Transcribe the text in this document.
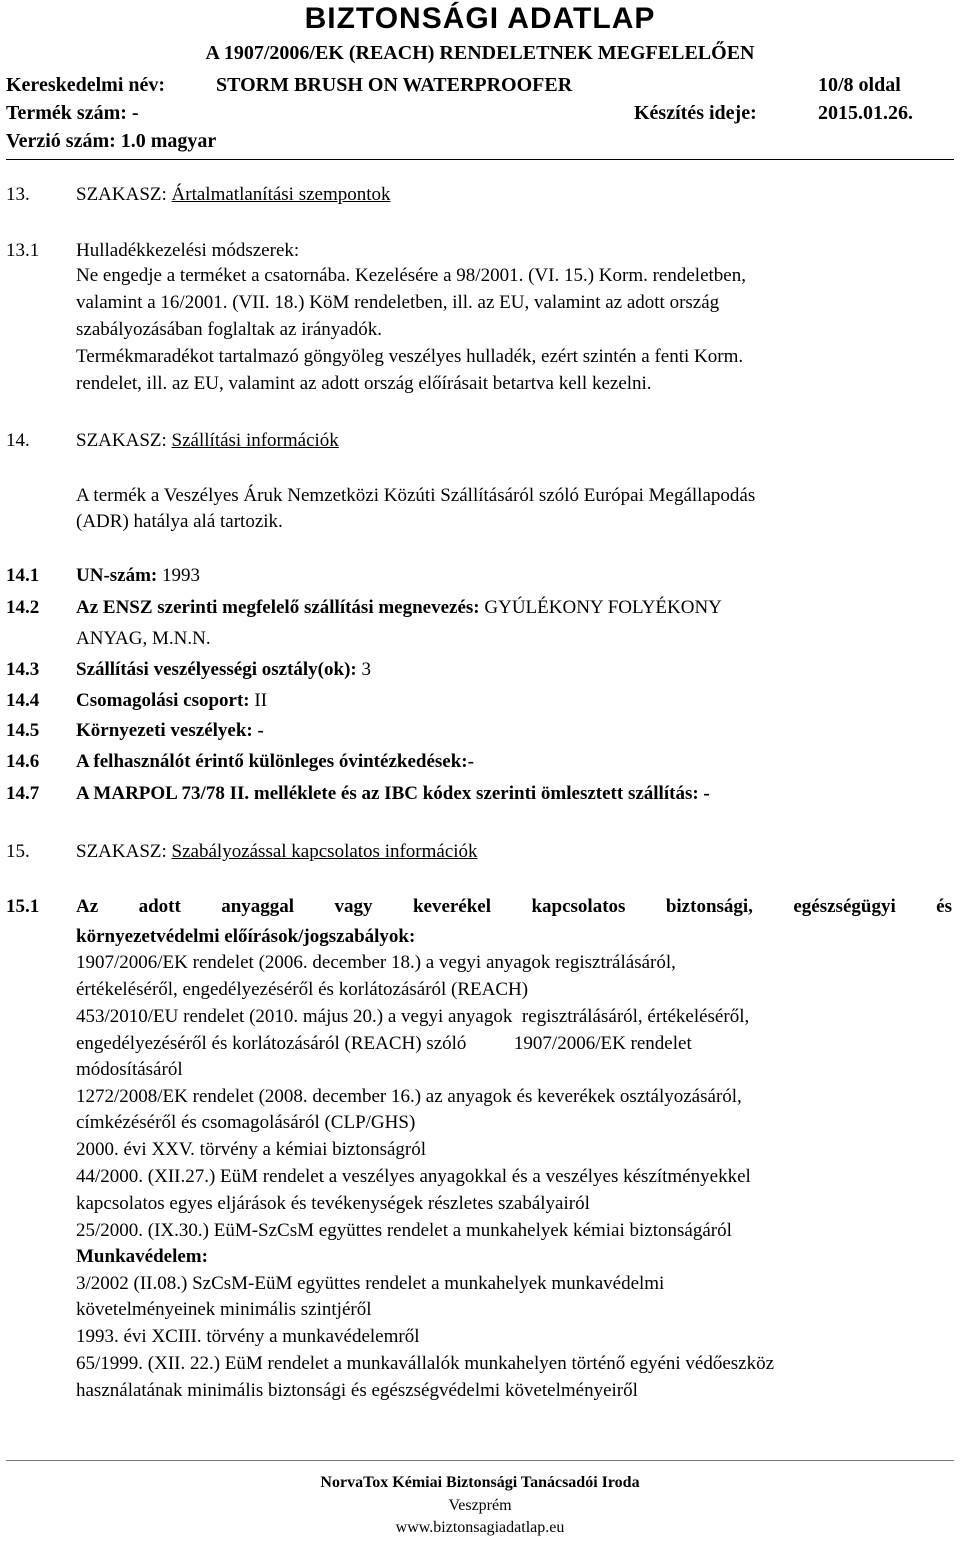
BIZTONSÁGI ADATLAP
A 1907/2006/EK (REACH) RENDELETNEK MEGFELELŐEN
Kereskedelmi név:	STORM BRUSH ON WATERPROOFER	10/8 oldal
Termék szám: -	Készítés ideje:	2015.01.26.
Verzió szám: 1.0 magyar
13. SZAKASZ: Ártalmatlanítási szempontok
13.1 Hulladékkezelési módszerek:
Ne engedje a terméket a csatornába. Kezelésére a 98/2001. (VI. 15.) Korm. rendeletben,
valamint a 16/2001. (VII. 18.) KöM rendeletben, ill. az EU, valamint az adott ország
szabályozásában foglaltak az irányadók.
Termékmaradékot tartalmazó göngyöleg veszélyes hulladék, ezért szintén a fenti Korm.
rendelet, ill. az EU, valamint az adott ország előírásait betartva kell kezelni.
14. SZAKASZ: Szállítási információk
A termék a Veszélyes Áruk Nemzetközi Közúti Szállításáról szóló Európai Megállapodás
(ADR) hatálya alá tartozik.
14.1 UN-szám: 1993
14.2 Az ENSZ szerinti megfelelő szállítási megnevezés: GYÚLÉKONY FOLYÉKONY
ANYAG, M.N.N.
14.3 Szállítási veszélyességi osztály(ok): 3
14.4 Csomagolási csoport: II
14.5 Környezeti veszélyek: -
14.6 A felhasználót érintő különleges óvintézkedések:-
14.7 A MARPOL 73/78 II. melléklete és az IBC kódex szerinti ömlesztett szállítás: -
15. SZAKASZ: Szabályozással kapcsolatos információk
15.1 Az adott anyaggal vagy keverékel kapcsolatos biztonsági, egészségügyi és
környezetvédelmi előírások/jogszabályok:
1907/2006/EK rendelet (2006. december 18.) a vegyi anyagok regisztrálásáról,
értékeléséről, engedélyezéséről és korlátozásáról (REACH)
453/2010/EU rendelet (2010. május 20.) a vegyi anyagok  regisztrálásáról, értékeléséről,
engedélyezéséről és korlátozásáról (REACH) szóló          1907/2006/EK rendelet
módosításáról
1272/2008/EK rendelet (2008. december 16.) az anyagok és keverékek osztályozásáról,
címkézéséről és csomagolásáról (CLP/GHS)
2000. évi XXV. törvény a kémiai biztonságról
44/2000. (XII.27.) EüM rendelet a veszélyes anyagokkal és a veszélyes készítményekkel
kapcsolatos egyes eljárások és tevékenységek részletes szabályairól
25/2000. (IX.30.) EüM-SzCsM együttes rendelet a munkahelyek kémiai biztonságáról
Munkavédelem:
3/2002 (II.08.) SzCsM-EüM együttes rendelet a munkahelyek munkavédelmi
követelményeinek minimális szintjéről
1993. évi XCIII. törvény a munkavédelemről
65/1999. (XII. 22.) EüM rendelet a munkavállalók munkahelyen történő egyéni védőeszköz
használatának minimális biztonsági és egészségvédelmi követelményeiről
NorvaTox Kémiai Biztonsági Tanácsadói Iroda
Veszprém
www.biztonsagiadatlap.eu
